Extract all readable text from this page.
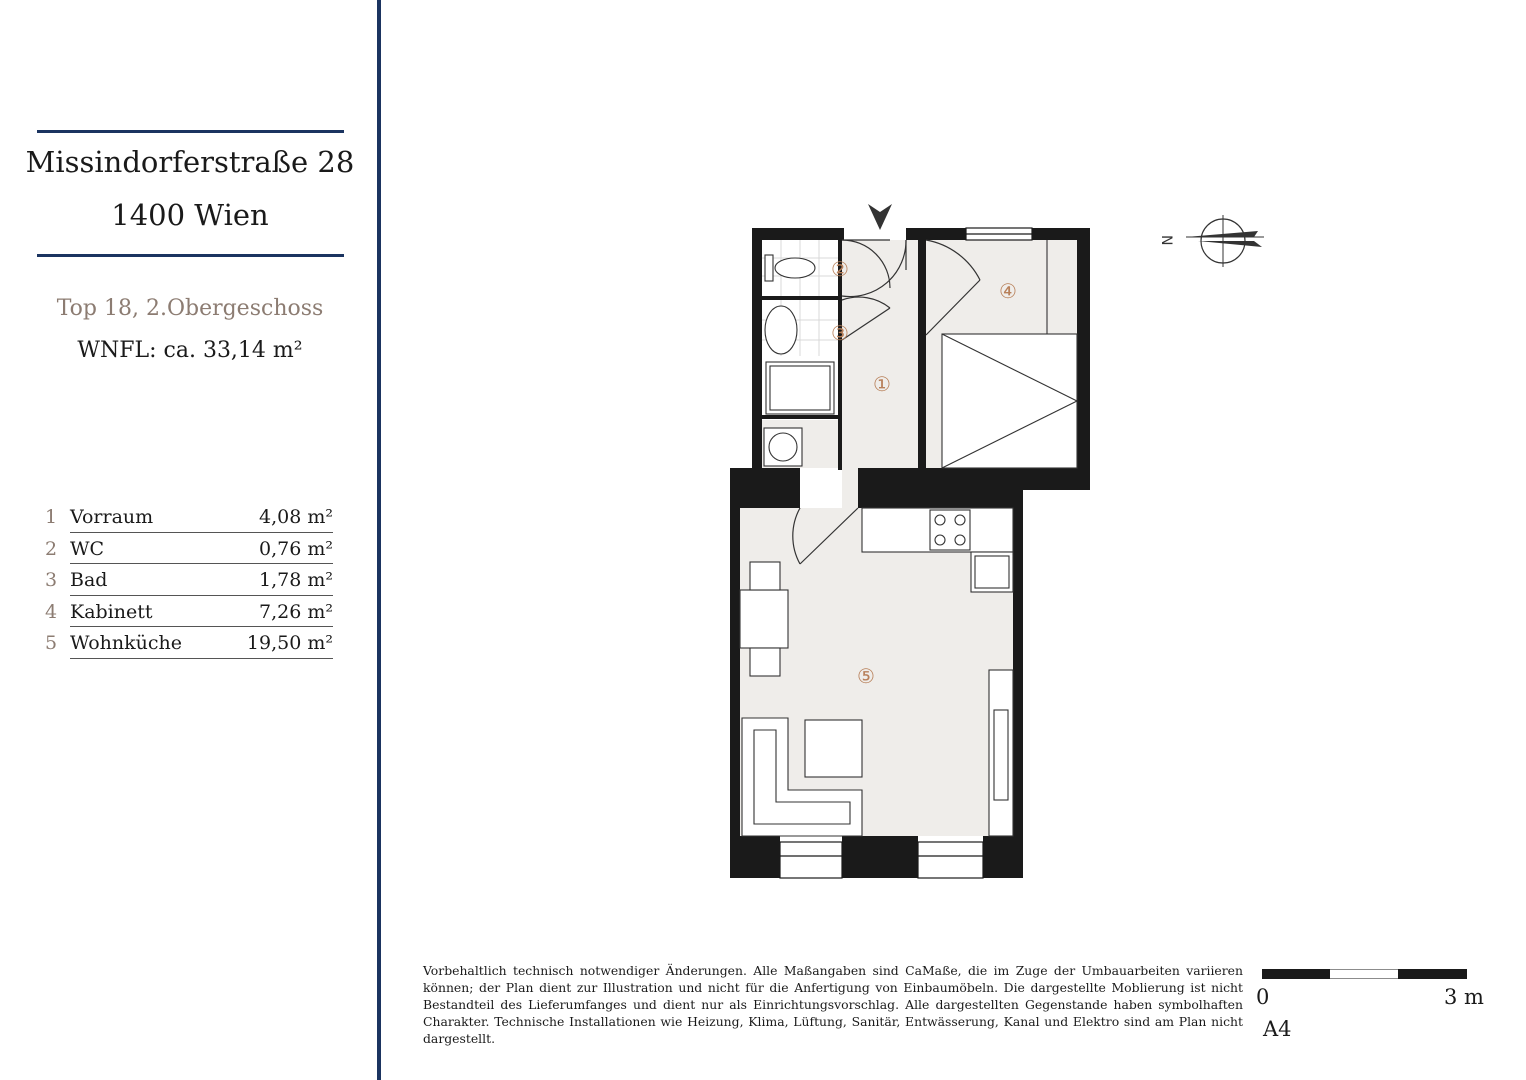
Missindorferstraße 28
1400 Wien
Top 18, 2.Obergeschoss
WNFL: ca. 33,14 m²
1 Vorraum	4,08 m²
2 WC	0,76 m²
3 Bad	1,78 m²
4 Kabinett	7,26 m²
5 Wohnküche	19,50 m²
①
②
③
④
⑤
N
Vorbehaltlich technisch notwendiger Änderungen. Alle Maßangaben sind CaMaße, die im Zuge der Umbauarbeiten variieren können; der Plan dient zur Illustration und nicht für die Anfertigung von Einbaumöbeln. Die dargestellte Moblierung ist nicht Bestandteil des Lieferumfanges und dient nur als Einrichtungsvorschlag. Alle dargestellten Gegenstande haben symbolhaften Charakter. Technische Installationen wie Heizung, Klima, Lüftung, Sanitär, Entwässerung, Kanal und Elektro sind am Plan nicht dargestellt.
0	3 m
A4
